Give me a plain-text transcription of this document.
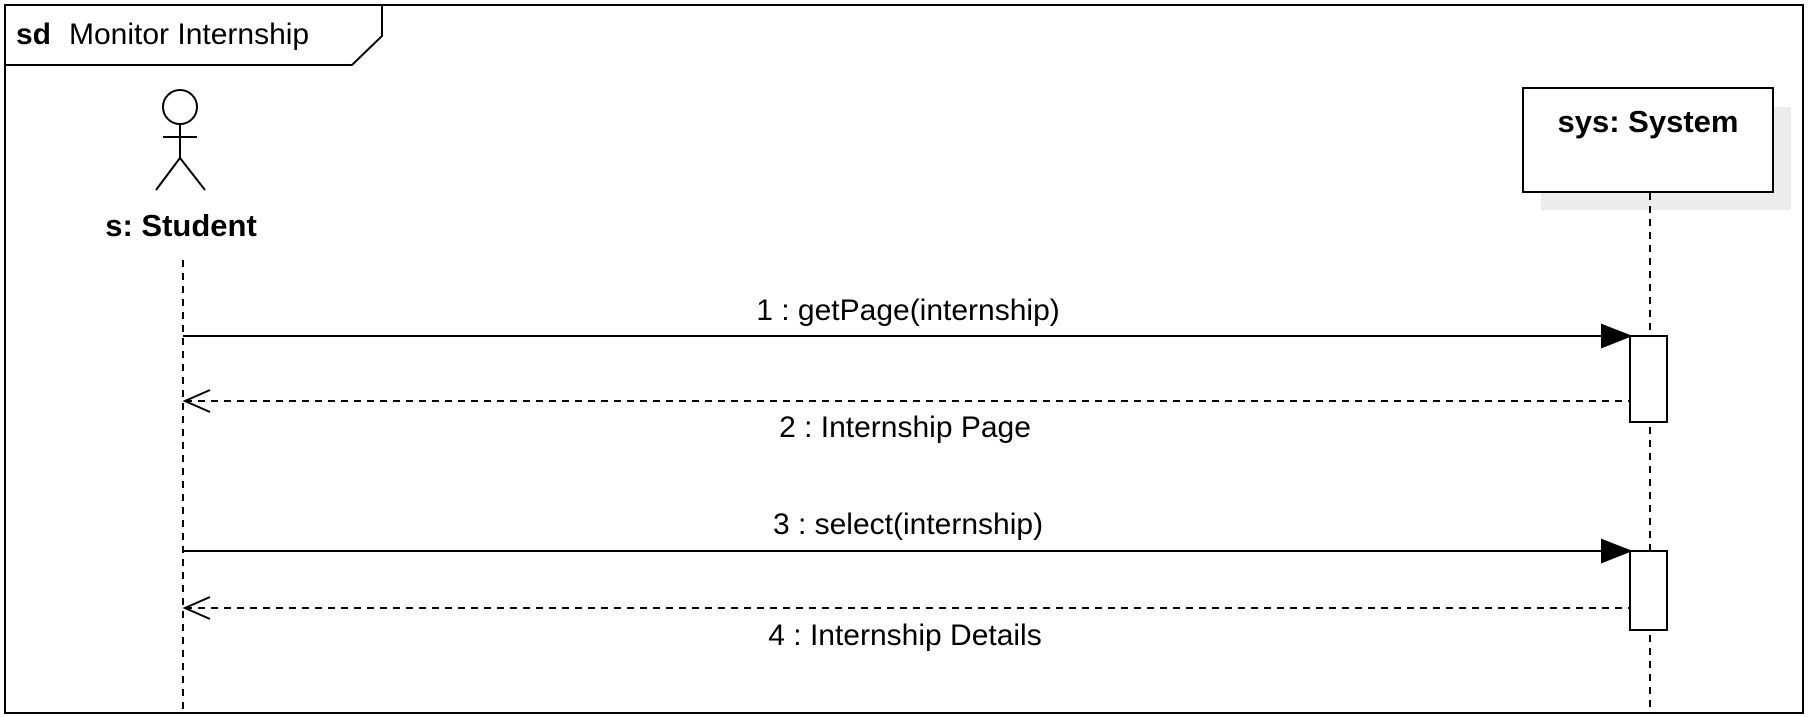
sd Monitor Internship
s: Student
sys: System
1 : getPage(internship)
2 : Internship Page
3 : select(internship)
4 : Internship Details
